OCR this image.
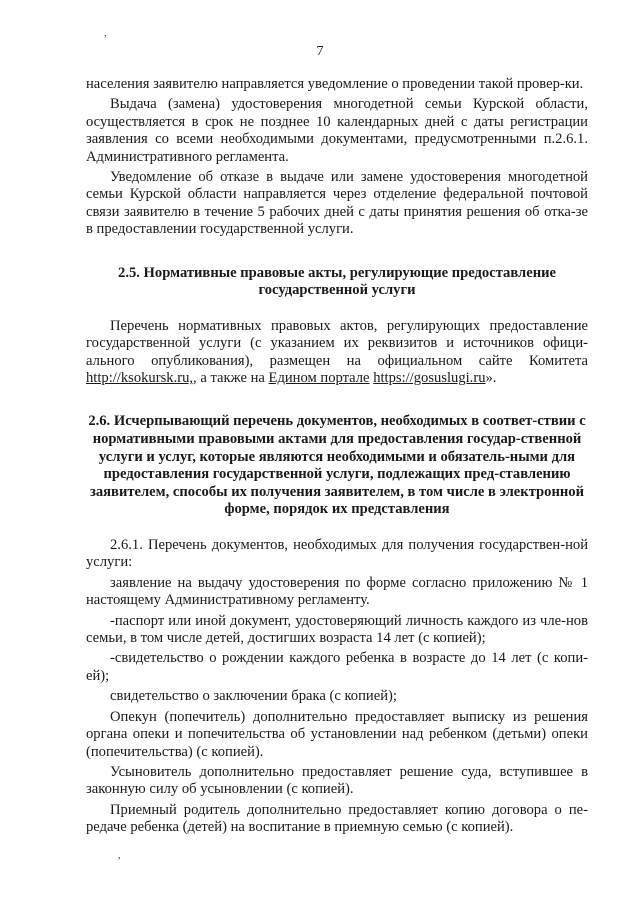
,
7

населения заявителю направляется уведомление о проведении такой провер-ки.

Выдача (замена) удостоверения многодетной семьи Курской области, осуществляется в срок не позднее 10 календарных дней с даты регистрации заявления со всеми необходимыми документами, предусмотренными п.2.6.1. Административного регламента.

Уведомление об отказе в выдаче или замене удостоверения многодетной семьи Курской области направляется через отделение федеральной почтовой связи заявителю в течение 5 рабочих дней с даты принятия решения об отка-зе в предоставлении государственной услуги.

2.5. Нормативные правовые акты, регулирующие предоставление государственной услуги

Перечень нормативных правовых актов, регулирующих предоставление государственной услуги (с указанием их реквизитов и источников офици-ального опубликования), размещен на официальном сайте Комитета http://ksokursk.ru,, а также на Едином портале https://gosuslugi.ru».

2.6. Исчерпывающий перечень документов, необходимых в соответ-ствии с нормативными правовыми актами для предоставления государ-ственной услуги и услуг, которые являются необходимыми и обязатель-ными для предоставления государственной услуги, подлежащих пред-ставлению заявителем, способы их получения заявителем, в том числе в электронной форме, порядок их представления

2.6.1. Перечень документов, необходимых для получения государствен-ной услуги:

заявление на выдачу удостоверения по форме согласно приложению № 1 настоящему Административному регламенту.

-паспорт или иной документ, удостоверяющий личность каждого из чле-нов семьи, в том числе детей, достигших возраста 14 лет (с копией);

-свидетельство о рождении каждого ребенка в возрасте до 14 лет (с копи-ей);

свидетельство о заключении брака (с копией);

Опекун (попечитель) дополнительно предоставляет выписку из решения органа опеки и попечительства об установлении над ребенком (детьми) опеки (попечительства) (с копией).

Усыновитель дополнительно предоставляет решение суда, вступившее в законную силу об усыновлении (с копией).

Приемный родитель дополнительно предоставляет копию договора о пе-редаче ребенка (детей) на воспитание в приемную семью (с копией).

,
